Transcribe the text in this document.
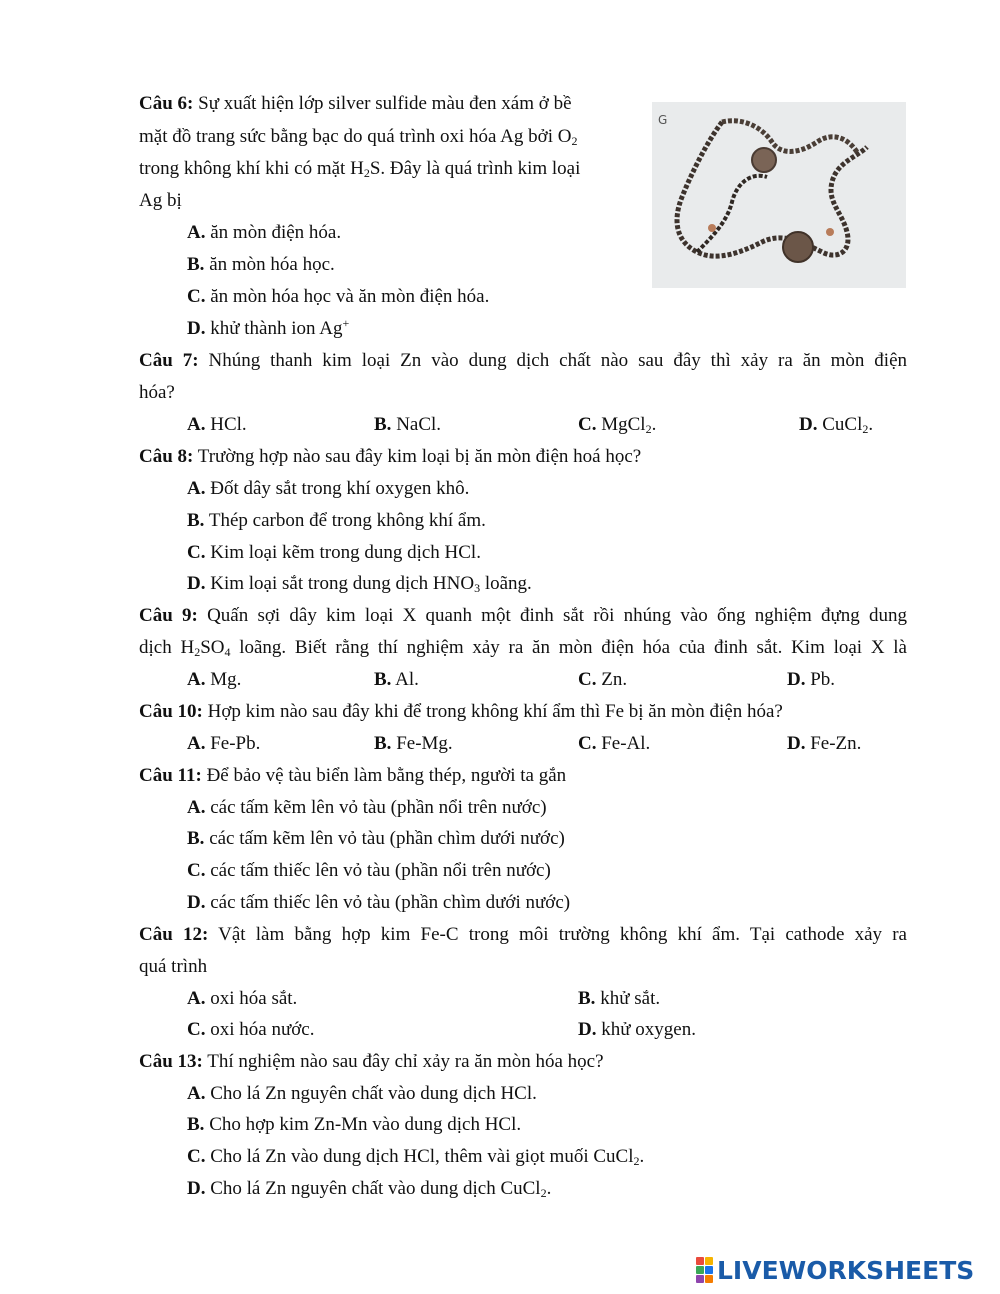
Câu 6: Sự xuất hiện lớp silver sulfide màu đen xám ở bề
mặt đồ trang sức bằng bạc do quá trình oxi hóa Ag bởi $O_2$
trong không khí khi có mặt $H_2S$. Đây là quá trình kim loại
Ag bị
A. ăn mòn điện hóa.
B. ăn mòn hóa học.
C. ăn mòn hóa học và ăn mòn điện hóa.
D. khử thành ion Ag+
G
Câu 7: Nhúng thanh kim loại Zn vào dung dịch chất nào sau đây thì xảy ra ăn mòn điện
hóa?
A. HCl.	B. NaCl.	C. MgCl$_2$.	D. CuCl$_2$.
Câu 8: Trường hợp nào sau đây kim loại bị ăn mòn điện hoá học?
A. Đốt dây sắt trong khí oxygen khô.
B. Thép carbon để trong không khí ẩm.
C. Kim loại kẽm trong dung dịch HCl.
D. Kim loại sắt trong dung dịch $HNO_3$ loãng.
Câu 9: Quấn sợi dây kim loại X quanh một đinh sắt rồi nhúng vào ống nghiệm đựng dung
dịch $H_2SO_4$ loãng. Biết rằng thí nghiệm xảy ra ăn mòn điện hóa của đinh sắt. Kim loại X là
A. Mg.	B. Al.	C. Zn.	D. Pb.
Câu 10: Hợp kim nào sau đây khi để trong không khí ẩm thì Fe bị ăn mòn điện hóa?
A. Fe-Pb.	B. Fe-Mg.	C. Fe-Al.	D. Fe-Zn.
Câu 11: Để bảo vệ tàu biển làm bằng thép, người ta gắn
A. các tấm kẽm lên vỏ tàu (phần nổi trên nước)
B. các tấm kẽm lên vỏ tàu (phần chìm dưới nước)
C. các tấm thiếc lên vỏ tàu (phần nổi trên nước)
D. các tấm thiếc lên vỏ tàu (phần chìm dưới nước)
Câu 12: Vật làm bằng hợp kim Fe-C trong môi trường không khí ẩm. Tại cathode xảy ra
quá trình
A. oxi hóa sắt.	B. khử sắt.
C. oxi hóa nước.	D. khử oxygen.
Câu 13: Thí nghiệm nào sau đây chỉ xảy ra ăn mòn hóa học?
A. Cho lá Zn nguyên chất vào dung dịch HCl.
B. Cho hợp kim Zn-Mn vào dung dịch HCl.
C. Cho lá Zn vào dung dịch HCl, thêm vài giọt muối CuCl$_2$.
D. Cho lá Zn nguyên chất vào dung dịch CuCl$_2$.
LIVEWORKSHEETS
